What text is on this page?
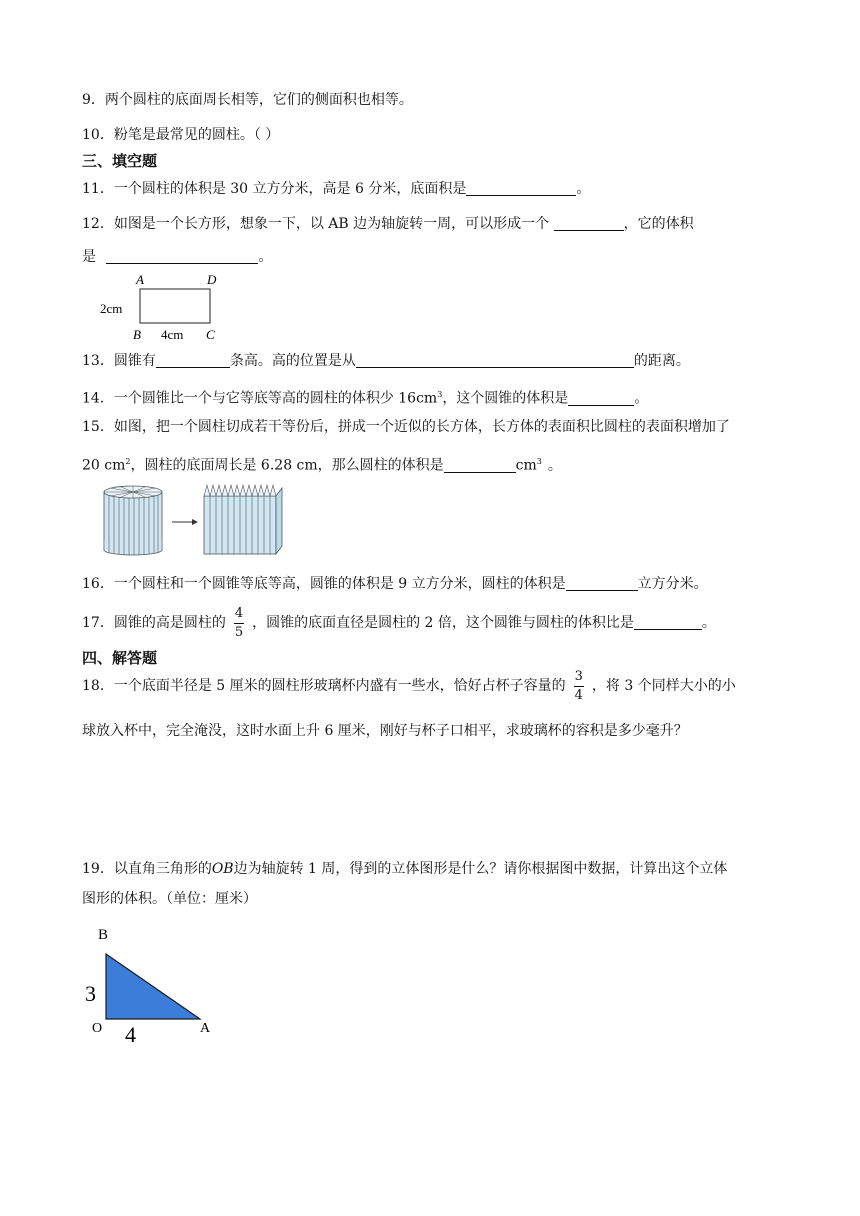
9．两个圆柱的底面周长相等，它们的侧面积也相等。
10．粉笔是最常见的圆柱。（ ）
三、填空题
11．一个圆柱的体积是 30 立方分米，高是 6 分米，底面积是	。
12．如图是一个长方形，想象一下，以 AB 边为轴旋转一周，可以形成一个	，它的体积
是	。
A	D
2cm
B 4cm C
13．圆锥有	条高。高的位置是从	的距离。
14．一个圆锥比一个与它等底等高的圆柱的体积少 $16cm^3$，这个圆锥的体积是	。
15．如图，把一个圆柱切成若干等份后，拼成一个近似的长方体，长方体的表面积比圆柱的表面积增加了
20 $cm^2$，圆柱的底面周长是 6.28 cm，那么圆柱的体积是	$cm^3$ 。
16．一个圆柱和一个圆锥等底等高，圆锥的体积是 9 立方分米，圆柱的体积是	立方分米。
17．圆锥的高是圆柱的 $\frac{4}{5}$ ，圆锥的底面直径是圆柱的 2 倍，这个圆锥与圆柱的体积比是	。
四、解答题
18．一个底面半径是 5 厘米的圆柱形玻璃杯内盛有一些水，恰好占杯子容量的 $\frac{3}{4}$ ，将 3 个同样大小的小
球放入杯中，完全淹没，这时水面上升 6 厘米，刚好与杯子口相平，求玻璃杯的容积是多少毫升？
19．以直角三角形的OB边为轴旋转 1 周，得到的立体图形是什么？请你根据图中数据，计算出这个立体
图形的体积。（单位：厘米）
B
3
O 4	A
